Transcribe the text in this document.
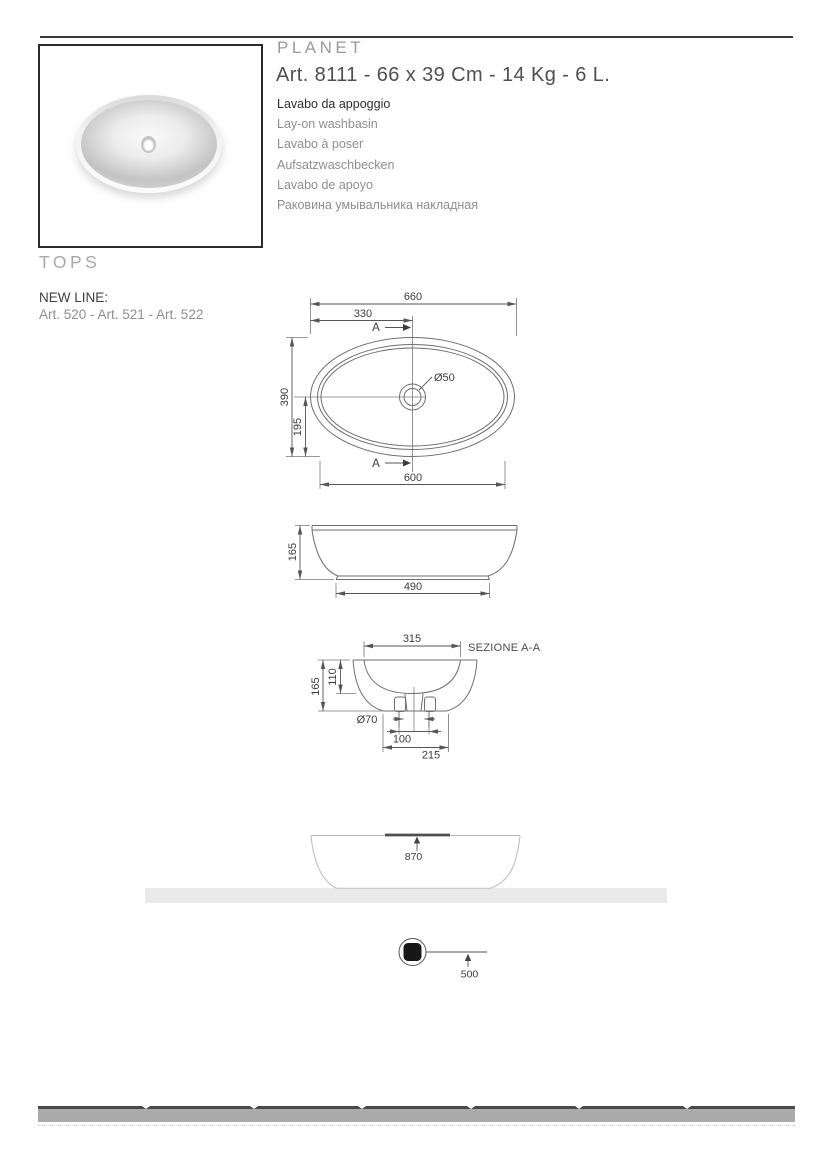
PLANET
Art. 8111 - 66 x 39 Cm - 14 Kg - 6 L.
Lavabo da appoggio
Lay-on washbasin
Lavabo à poser
Aufsatzwaschbecken
Lavabo de apoyo
Раковина умывальника накладная
TOPS
NEW LINE:
Art. 520 - Art. 521 - Art. 522
660
330
A
390
195
Ø50
A
600
165
490
315
SEZIONE A-A
165
110
Ø70
100
215
870
500
